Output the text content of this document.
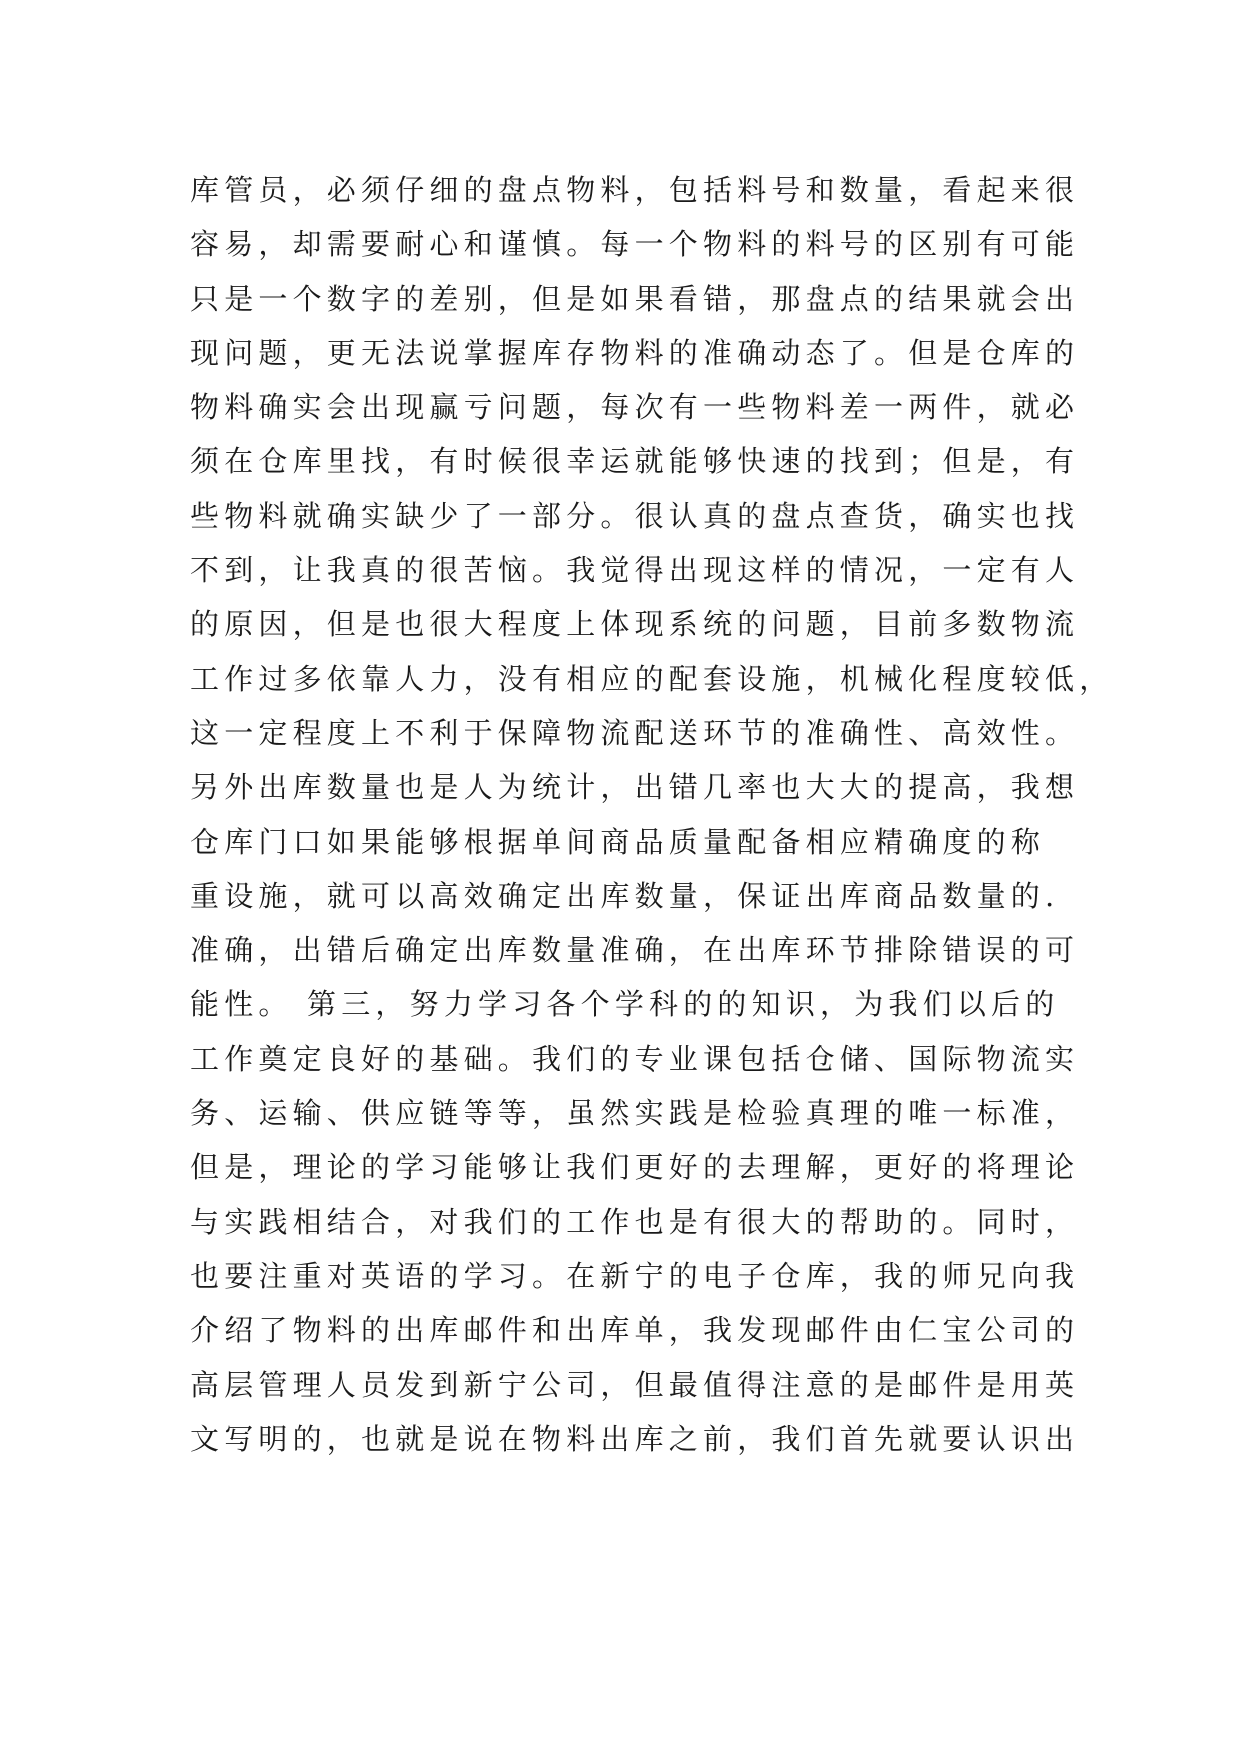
库管员，必须仔细的盘点物料，包括料号和数量，看起来很
容易，却需要耐心和谨慎。每一个物料的料号的区别有可能
只是一个数字的差别，但是如果看错，那盘点的结果就会出
现问题，更无法说掌握库存物料的准确动态了。但是仓库的
物料确实会出现赢亏问题，每次有一些物料差一两件，就必
须在仓库里找，有时候很幸运就能够快速的找到；但是，有
些物料就确实缺少了一部分。很认真的盘点查货，确实也找
不到，让我真的很苦恼。我觉得出现这样的情况，一定有人
的原因，但是也很大程度上体现系统的问题，目前多数物流
工作过多依靠人力，没有相应的配套设施，机械化程度较低，
这一定程度上不利于保障物流配送环节的准确性、高效性。
另外出库数量也是人为统计，出错几率也大大的提高，我想
仓库门口如果能够根据单间商品质量配备相应精确度的称
重设施，就可以高效确定出库数量，保证出库商品数量的.
准确，出错后确定出库数量准确，在出库环节排除错误的可
能性。 第三，努力学习各个学科的的知识，为我们以后的
工作奠定良好的基础。我们的专业课包括仓储、国际物流实
务、运输、供应链等等，虽然实践是检验真理的唯一标准，
但是，理论的学习能够让我们更好的去理解，更好的将理论
与实践相结合，对我们的工作也是有很大的帮助的。同时，
也要注重对英语的学习。在新宁的电子仓库，我的师兄向我
介绍了物料的出库邮件和出库单，我发现邮件由仁宝公司的
高层管理人员发到新宁公司，但最值得注意的是邮件是用英
文写明的，也就是说在物料出库之前，我们首先就要认识出
